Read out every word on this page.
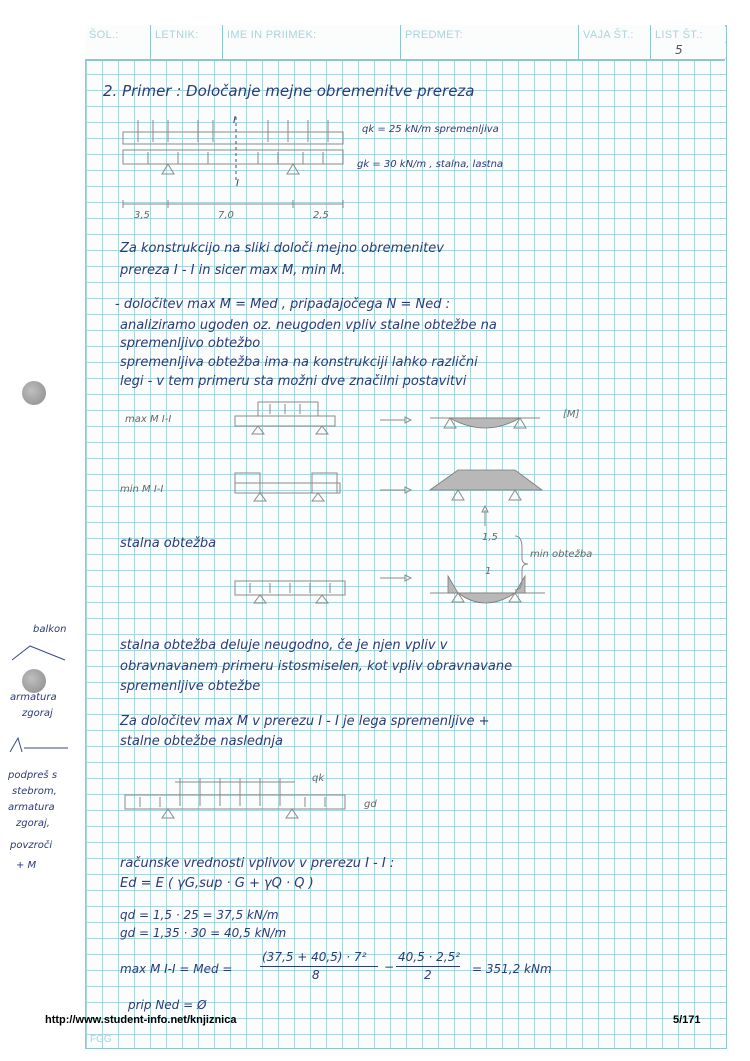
ŠOL.:	LETNIK:	IME IN PRIIMEK:	PREDMET:	VAJA ŠT.:	LIST ŠT.:
5
2. Primer : Določanje mejne obremenitve prereza
I
I
qk = 25 kN/m spremenljiva
gk = 30 kN/m , stalna, lastna
3,5	7,0	2,5
Za konstrukcijo na sliki določi mejno obremenitev
prereza I - I in sicer max M, min M.
- določitev max M = Med , pripadajočega N = Ned :
analiziramo ugoden oz. neugoden vpliv stalne obtežbe na
spremenljivo obtežbo
spremenljiva obtežba ima na konstrukciji lahko različni
legi - v tem primeru sta možni dve značilni postavitvi
max M I-I	[M]
min M I-I
1,5
1
min obtežba
stalna obtežba
stalna obtežba deluje neugodno, če je njen vpliv v
obravnavanem primeru istosmiselen, kot vpliv obravnavane
spremenljive obtežbe
Za določitev max M v prerezu I - I je lega spremenljive +
stalne obtežbe naslednja
qk
gd
računske vrednosti vplivov v prerezu I - I :
Ed = E ( γG,sup · G + γQ · Q )
qd = 1,5 · 25 = 37,5 kN/m
gd = 1,35 · 30 = 40,5 kN/m
max M I-I = Med =
(37,5 + 40,5) · 7²
8
−
40,5 · 2,5²
2	= 351,2 kNm
prip Ned = Ø
balkon
armatura
zgoraj
podpreš s
stebrom,
armatura
zgoraj,
povzroči
+ M
http://www.student-info.net/knjiznica	5/171
FGG
